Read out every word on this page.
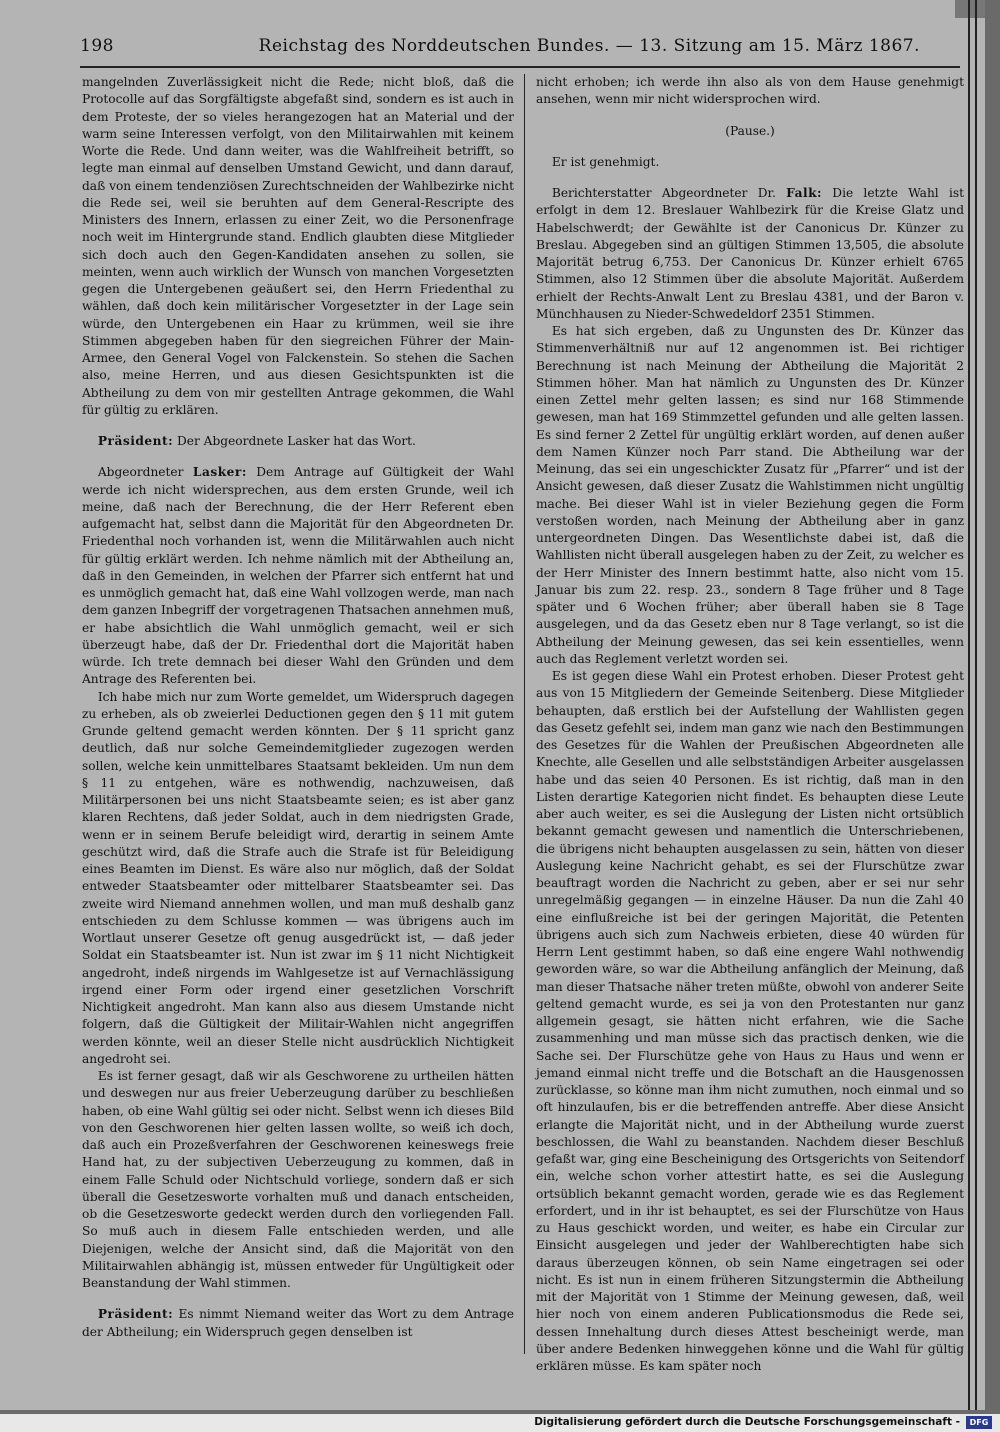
198	Reichstag des Norddeutschen Bundes. — 13. Sitzung am 15. März 1867.

mangelnden Zuverlässigkeit nicht die Rede; nicht bloß, daß die Protocolle auf das Sorgfältigste abgefaßt sind, sondern es ist auch in dem Proteste, der so vieles herangezogen hat an Material und der warm seine Interessen verfolgt, von den Militairwahlen mit keinem Worte die Rede. Und dann weiter, was die Wahlfreiheit betrifft, so legte man einmal auf denselben Umstand Gewicht, und dann darauf, daß von einem tendenziösen Zurechtschneiden der Wahlbezirke nicht die Rede sei, weil sie beruhten auf dem General-Rescripte des Ministers des Innern, erlassen zu einer Zeit, wo die Personenfrage noch weit im Hintergrunde stand. Endlich glaubten diese Mitglieder sich doch auch den Gegen-Kandidaten ansehen zu sollen, sie meinten, wenn auch wirklich der Wunsch von manchen Vorgesetzten gegen die Untergebenen geäußert sei, den Herrn Friedenthal zu wählen, daß doch kein militärischer Vorgesetzter in der Lage sein würde, den Untergebenen ein Haar zu krümmen, weil sie ihre Stimmen abgegeben haben für den siegreichen Führer der Main-Armee, den General Vogel von Falckenstein. So stehen die Sachen also, meine Herren, und aus diesen Gesichtspunkten ist die Abtheilung zu dem von mir gestellten Antrage gekommen, die Wahl für gültig zu erklären.

Präsident: Der Abgeordnete Lasker hat das Wort.

Abgeordneter Lasker: Dem Antrage auf Gültigkeit der Wahl werde ich nicht widersprechen, aus dem ersten Grunde, weil ich meine, daß nach der Berechnung, die der Herr Referent eben aufgemacht hat, selbst dann die Majorität für den Abgeordneten Dr. Friedenthal noch vorhanden ist, wenn die Militärwahlen auch nicht für gültig erklärt werden. Ich nehme nämlich mit der Abtheilung an, daß in den Gemeinden, in welchen der Pfarrer sich entfernt hat und es unmöglich gemacht hat, daß eine Wahl vollzogen werde, man nach dem ganzen Inbegriff der vorgetragenen Thatsachen annehmen muß, er habe absichtlich die Wahl unmöglich gemacht, weil er sich überzeugt habe, daß der Dr. Friedenthal dort die Majorität haben würde. Ich trete demnach bei dieser Wahl den Gründen und dem Antrage des Referenten bei.

Ich habe mich nur zum Worte gemeldet, um Widerspruch dagegen zu erheben, als ob zweierlei Deductionen gegen den § 11 mit gutem Grunde geltend gemacht werden könnten. Der § 11 spricht ganz deutlich, daß nur solche Gemeindemitglieder zugezogen werden sollen, welche kein unmittelbares Staatsamt bekleiden. Um nun dem § 11 zu entgehen, wäre es nothwendig, nachzuweisen, daß Militärpersonen bei uns nicht Staatsbeamte seien; es ist aber ganz klaren Rechtens, daß jeder Soldat, auch in dem niedrigsten Grade, wenn er in seinem Berufe beleidigt wird, derartig in seinem Amte geschützt wird, daß die Strafe auch die Strafe ist für Beleidigung eines Beamten im Dienst. Es wäre also nur möglich, daß der Soldat entweder Staatsbeamter oder mittelbarer Staatsbeamter sei. Das zweite wird Niemand annehmen wollen, und man muß deshalb ganz entschieden zu dem Schlusse kommen — was übrigens auch im Wortlaut unserer Gesetze oft genug ausgedrückt ist, — daß jeder Soldat ein Staatsbeamter ist. Nun ist zwar im § 11 nicht Nichtigkeit angedroht, indeß nirgends im Wahlgesetze ist auf Vernachlässigung irgend einer Form oder irgend einer gesetzlichen Vorschrift Nichtigkeit angedroht. Man kann also aus diesem Umstande nicht folgern, daß die Gültigkeit der Militair-Wahlen nicht angegriffen werden könnte, weil an dieser Stelle nicht ausdrücklich Nichtigkeit angedroht sei.

Es ist ferner gesagt, daß wir als Geschworene zu urtheilen hätten und deswegen nur aus freier Ueberzeugung darüber zu beschließen haben, ob eine Wahl gültig sei oder nicht. Selbst wenn ich dieses Bild von den Geschworenen hier gelten lassen wollte, so weiß ich doch, daß auch ein Prozeßverfahren der Geschworenen keineswegs freie Hand hat, zu der subjectiven Ueberzeugung zu kommen, daß in einem Falle Schuld oder Nichtschuld vorliege, sondern daß er sich überall die Gesetzesworte vorhalten muß und danach entscheiden, ob die Gesetzesworte gedeckt werden durch den vorliegenden Fall. So muß auch in diesem Falle entschieden werden, und alle Diejenigen, welche der Ansicht sind, daß die Majorität von den Militairwahlen abhängig ist, müssen entweder für Ungültigkeit oder Beanstandung der Wahl stimmen.

Präsident: Es nimmt Niemand weiter das Wort zu dem Antrage der Abtheilung; ein Widerspruch gegen denselben ist

nicht erhoben; ich werde ihn also als von dem Hause genehmigt ansehen, wenn mir nicht widersprochen wird.

(Pause.)

Er ist genehmigt.

Berichterstatter Abgeordneter Dr. Falk: Die letzte Wahl ist erfolgt in dem 12. Breslauer Wahlbezirk für die Kreise Glatz und Habelschwerdt; der Gewählte ist der Canonicus Dr. Künzer zu Breslau. Abgegeben sind an gültigen Stimmen 13,505, die absolute Majorität betrug 6,753. Der Canonicus Dr. Künzer erhielt 6765 Stimmen, also 12 Stimmen über die absolute Majorität. Außerdem erhielt der Rechts-Anwalt Lent zu Breslau 4381, und der Baron v. Münchhausen zu Nieder-Schwedeldorf 2351 Stimmen.

Es hat sich ergeben, daß zu Ungunsten des Dr. Künzer das Stimmenverhältniß nur auf 12 angenommen ist. Bei richtiger Berechnung ist nach Meinung der Abtheilung die Majorität 2 Stimmen höher. Man hat nämlich zu Ungunsten des Dr. Künzer einen Zettel mehr gelten lassen; es sind nur 168 Stimmende gewesen, man hat 169 Stimmzettel gefunden und alle gelten lassen. Es sind ferner 2 Zettel für ungültig erklärt worden, auf denen außer dem Namen Künzer noch Parr stand. Die Abtheilung war der Meinung, das sei ein ungeschickter Zusatz für „Pfarrer“ und ist der Ansicht gewesen, daß dieser Zusatz die Wahlstimmen nicht ungültig mache. Bei dieser Wahl ist in vieler Beziehung gegen die Form verstoßen worden, nach Meinung der Abtheilung aber in ganz untergeordneten Dingen. Das Wesentlichste dabei ist, daß die Wahllisten nicht überall ausgelegen haben zu der Zeit, zu welcher es der Herr Minister des Innern bestimmt hatte, also nicht vom 15. Januar bis zum 22. resp. 23., sondern 8 Tage früher und 8 Tage später und 6 Wochen früher; aber überall haben sie 8 Tage ausgelegen, und da das Gesetz eben nur 8 Tage verlangt, so ist die Abtheilung der Meinung gewesen, das sei kein essentielles, wenn auch das Reglement verletzt worden sei.

Es ist gegen diese Wahl ein Protest erhoben. Dieser Protest geht aus von 15 Mitgliedern der Gemeinde Seitenberg. Diese Mitglieder behaupten, daß erstlich bei der Aufstellung der Wahllisten gegen das Gesetz gefehlt sei, indem man ganz wie nach den Bestimmungen des Gesetzes für die Wahlen der Preußischen Abgeordneten alle Knechte, alle Gesellen und alle selbstständigen Arbeiter ausgelassen habe und das seien 40 Personen. Es ist richtig, daß man in den Listen derartige Kategorien nicht findet. Es behaupten diese Leute aber auch weiter, es sei die Auslegung der Listen nicht ortsüblich bekannt gemacht gewesen und namentlich die Unterschriebenen, die übrigens nicht behaupten ausgelassen zu sein, hätten von dieser Auslegung keine Nachricht gehabt, es sei der Flurschütze zwar beauftragt worden die Nachricht zu geben, aber er sei nur sehr unregelmäßig gegangen — in einzelne Häuser. Da nun die Zahl 40 eine einflußreiche ist bei der geringen Majorität, die Petenten übrigens auch sich zum Nachweis erbieten, diese 40 würden für Herrn Lent gestimmt haben, so daß eine engere Wahl nothwendig geworden wäre, so war die Abtheilung anfänglich der Meinung, daß man dieser Thatsache näher treten müßte, obwohl von anderer Seite geltend gemacht wurde, es sei ja von den Protestanten nur ganz allgemein gesagt, sie hätten nicht erfahren, wie die Sache zusammenhing und man müsse sich das practisch denken, wie die Sache sei. Der Flurschütze gehe von Haus zu Haus und wenn er jemand einmal nicht treffe und die Botschaft an die Hausgenossen zurücklasse, so könne man ihm nicht zumuthen, noch einmal und so oft hinzulaufen, bis er die betreffenden antreffe. Aber diese Ansicht erlangte die Majorität nicht, und in der Abtheilung wurde zuerst beschlossen, die Wahl zu beanstanden. Nachdem dieser Beschluß gefaßt war, ging eine Bescheinigung des Ortsgerichts von Seitendorf ein, welche schon vorher attestirt hatte, es sei die Auslegung ortsüblich bekannt gemacht worden, gerade wie es das Reglement erfordert, und in ihr ist behauptet, es sei der Flurschütze von Haus zu Haus geschickt worden, und weiter, es habe ein Circular zur Einsicht ausgelegen und jeder der Wahlberechtigten habe sich daraus überzeugen können, ob sein Name eingetragen sei oder nicht. Es ist nun in einem früheren Sitzungstermin die Abtheilung mit der Majorität von 1 Stimme der Meinung gewesen, daß, weil hier noch von einem anderen Publicationsmodus die Rede sei, dessen Innehaltung durch dieses Attest bescheinigt werde, man über andere Bedenken hinweggehen könne und die Wahl für gültig erklären müsse. Es kam später noch

Digitalisierung gefördert durch die Deutsche Forschungsgemeinschaft -	DFG
